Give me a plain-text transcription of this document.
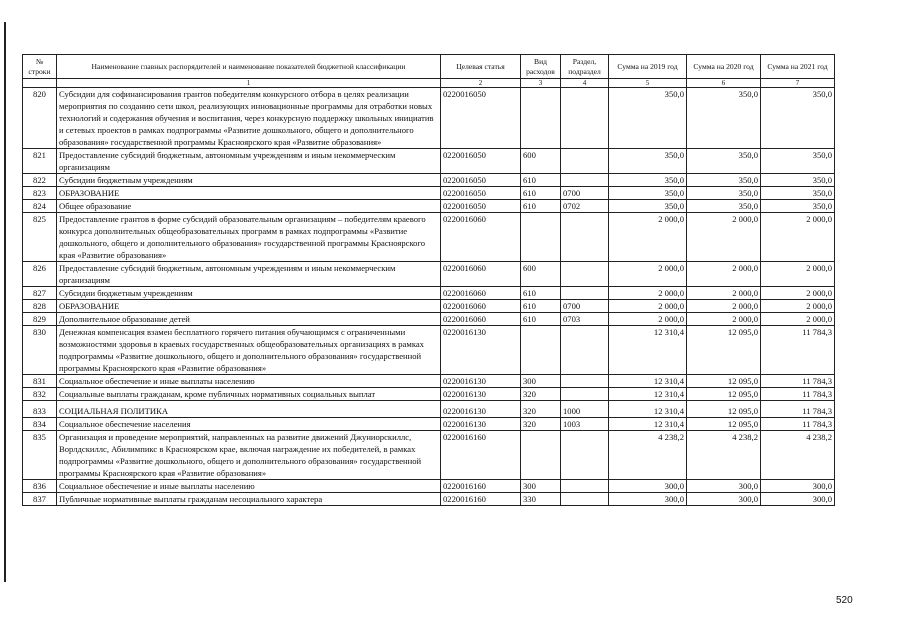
№ строки	Наименование главных распорядителей и наименование показателей бюджетной классификации	Целевая статья	Вид расходов	Раздел, подраздел	Сумма на 2019 год	Сумма на 2020 год	Сумма на 2021 год
	1	2	3	4	5	6	7
820	Субсидии для софинансирования грантов победителям конкурсного отбора в целях реализации мероприятия по созданию сети школ, реализующих инновационные программы для отработки новых технологий и содержания обучения и воспитания, через конкурсную поддержку школьных инициатив и сетевых проектов в рамках подпрограммы «Развитие дошкольного, общего и дополнительного образования» государственной программы Красноярского края «Развитие образования»	0220016050			350,0	350,0	350,0
821	Предоставление субсидий бюджетным, автономным учреждениям и иным некоммерческим организациям	0220016050	600		350,0	350,0	350,0
822	Субсидии бюджетным учреждениям	0220016050	610		350,0	350,0	350,0
823	ОБРАЗОВАНИЕ	0220016050	610	0700	350,0	350,0	350,0
824	Общее образование	0220016050	610	0702	350,0	350,0	350,0
825	Предоставление грантов в форме субсидий образовательным организациям – победителям краевого конкурса дополнительных общеобразовательных программ в рамках подпрограммы «Развитие дошкольного, общего и дополнительного образования» государственной программы Красноярского края «Развитие образования»	0220016060			2 000,0	2 000,0	2 000,0
826	Предоставление субсидий бюджетным, автономным учреждениям и иным некоммерческим организациям	0220016060	600		2 000,0	2 000,0	2 000,0
827	Субсидии бюджетным учреждениям	0220016060	610		2 000,0	2 000,0	2 000,0
828	ОБРАЗОВАНИЕ	0220016060	610	0700	2 000,0	2 000,0	2 000,0
829	Дополнительное образование детей	0220016060	610	0703	2 000,0	2 000,0	2 000,0
830	Денежная компенсация взамен бесплатного горячего питания обучающимся с ограниченными возможностями здоровья в краевых государственных общеобразовательных организациях в рамках подпрограммы «Развитие дошкольного, общего и дополнительного образования» государственной программы Красноярского края «Развитие образования»	0220016130			12 310,4	12 095,0	11 784,3
831	Социальное обеспечение и иные выплаты населению	0220016130	300		12 310,4	12 095,0	11 784,3
832	Социальные выплаты гражданам, кроме публичных нормативных социальных выплат	0220016130	320		12 310,4	12 095,0	11 784,3
833	СОЦИАЛЬНАЯ ПОЛИТИКА	0220016130	320	1000	12 310,4	12 095,0	11 784,3
834	Социальное обеспечение населения	0220016130	320	1003	12 310,4	12 095,0	11 784,3
835	Организация и проведение мероприятий, направленных на развитие движений Джуниорскиллс, Ворлдскиллс, Абилимпикс в Красноярском крае, включая награждение их победителей, в рамках подпрограммы «Развитие дошкольного, общего и дополнительного образования» государственной программы Красноярского края «Развитие образования»	0220016160			4 238,2	4 238,2	4 238,2
836	Социальное обеспечение и иные выплаты населению	0220016160	300		300,0	300,0	300,0
837	Публичные нормативные выплаты гражданам несоциального характера	0220016160	330		300,0	300,0	300,0
520
